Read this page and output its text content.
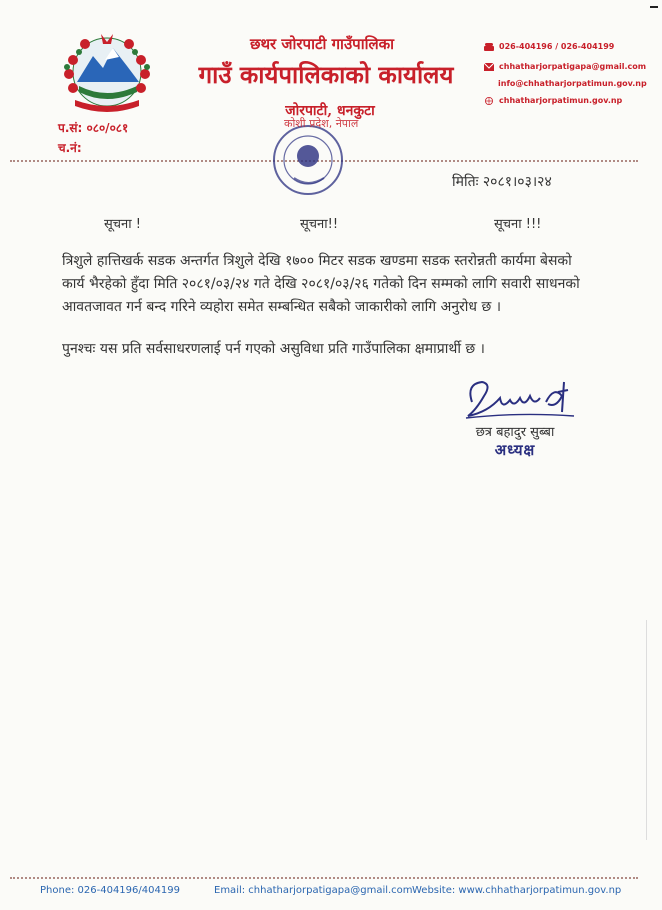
छथर जोरपाटी गाउँपालिका
गाउँ कार्यपालिकाको कार्यालय
जोरपाटी, धनकुटा
026-404196 / 026-404199
chhatharjorpatigapa@gmail.com
info@chhatharjorpatimun.gov.np
chhatharjorpatimun.gov.np
प.सं: ०८०/०८१
च.नं:
कोशी प्रदेश, नेपाल
मितिः २०८१।०३।२४
सूचना !	सूचना!!	सूचना !!!
त्रिशुले हात्तिखर्क सडक अन्तर्गत त्रिशुले देखि १७०० मिटर सडक खण्डमा सडक स्तरोन्नती कार्यमा बेसको
कार्य भैरहेको हुँदा मिति २०८१/०३/२४ गते देखि २०८१/०३/२६ गतेको दिन सम्मको लागि सवारी साधनको
आवतजावत गर्न बन्द गरिने व्यहोरा समेत सम्बन्धित सबैको जाकारीको लागि अनुरोध छ ।
पुनश्चः यस प्रति सर्वसाधरणलाई पर्न गएको असुविधा प्रति गाउँपालिका क्षमाप्रार्थी छ ।
छत्र बहादुर सुब्बा
अध्यक्ष
Phone: 026-404196/404199	Email: chhatharjorpatigapa@gmail.com Website: www.chhatharjorpatimun.gov.np
